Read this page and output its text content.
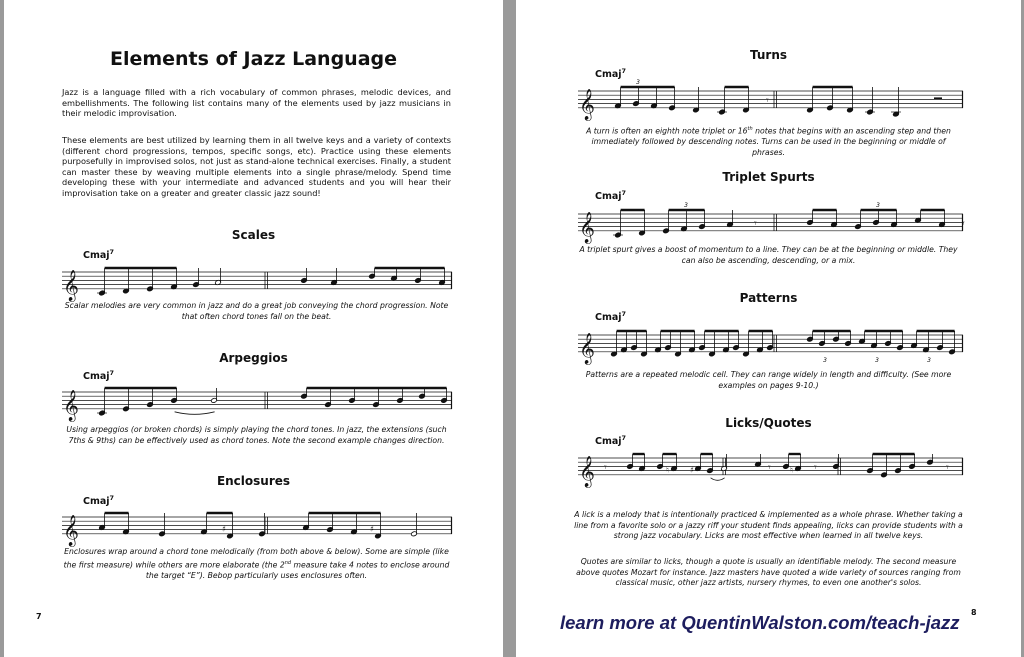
Elements of Jazz Language

Jazz is a language filled with a rich vocabulary of common phrases, melodic devices, and embellishments. The following list contains many of the elements used by jazz musicians in their melodic improvisation.

These elements are best utilized by learning them in all twelve keys and a variety of contexts (different chord progressions, tempos, specific songs, etc). Practice using these elements purposefully in improvised solos, not just as stand-alone technical exercises. Finally, a student can master these by weaving multiple elements into a single phrase/melody. Spend time developing these with your intermediate and advanced students and you will hear their improvisation take on a greater and greater classic jazz sound!

Scales
Cmaj$^7$
𝄞

Scalar melodies are very common in jazz and do a great job conveying the chord progression. Note that often chord tones fall on the beat.

Arpeggios
Cmaj$^7$
𝄞

Using arpeggios (or broken chords) is simply playing the chord tones. In jazz, the extensions (such 7ths & 9ths) can be effectively used as chord tones. Note the second example changes direction.

Enclosures
Cmaj$^7$
𝄞	♯	♯

Enclosures wrap around a chord tone melodically (from both above & below). Some are simple (like the first measure) while others are more elaborate (the 2nd measure take 4 notes to enclose around the target “E”). Bebop particularly uses enclosures often.

7
Turns
Cmaj$^7$
𝄞
3
𝄾

A turn is often an eighth note triplet or 16th notes that begins with an ascending step and then immediately followed by descending notes. Turns can be used in the beginning or middle of phrases.

Triplet Spurts
Cmaj$^7$
𝄞
3	3
𝄾	𝄾

A triplet spurt gives a boost of momentum to a line. They can be at the beginning or middle. They can also be ascending, descending, or a mix.

Patterns
Cmaj$^7$
𝄞	3	3	3

Patterns are a repeated melodic cell. They can range widely in length and difficulty. (See more examples on pages 9-10.)

Licks/Quotes
Cmaj$^7$
𝄞	♮	♯	♮
𝄾	𝄾	𝄾	𝄾

A lick is a melody that is intentionally practiced & implemented as a whole phrase. Whether taking a line from a favorite solo or a jazzy riff your student finds appealing, licks can provide students with a strong jazz vocabulary. Licks are most effective when learned in all twelve keys.

Quotes are similar to licks, though a quote is usually an identifiable melody. The second measure above quotes Mozart for instance. Jazz masters have quoted a wide variety of sources ranging from classical music, other jazz artists, nursery rhymes, to even one another's solos.

learn more at QuentinWalston.com/teach-jazz 8
